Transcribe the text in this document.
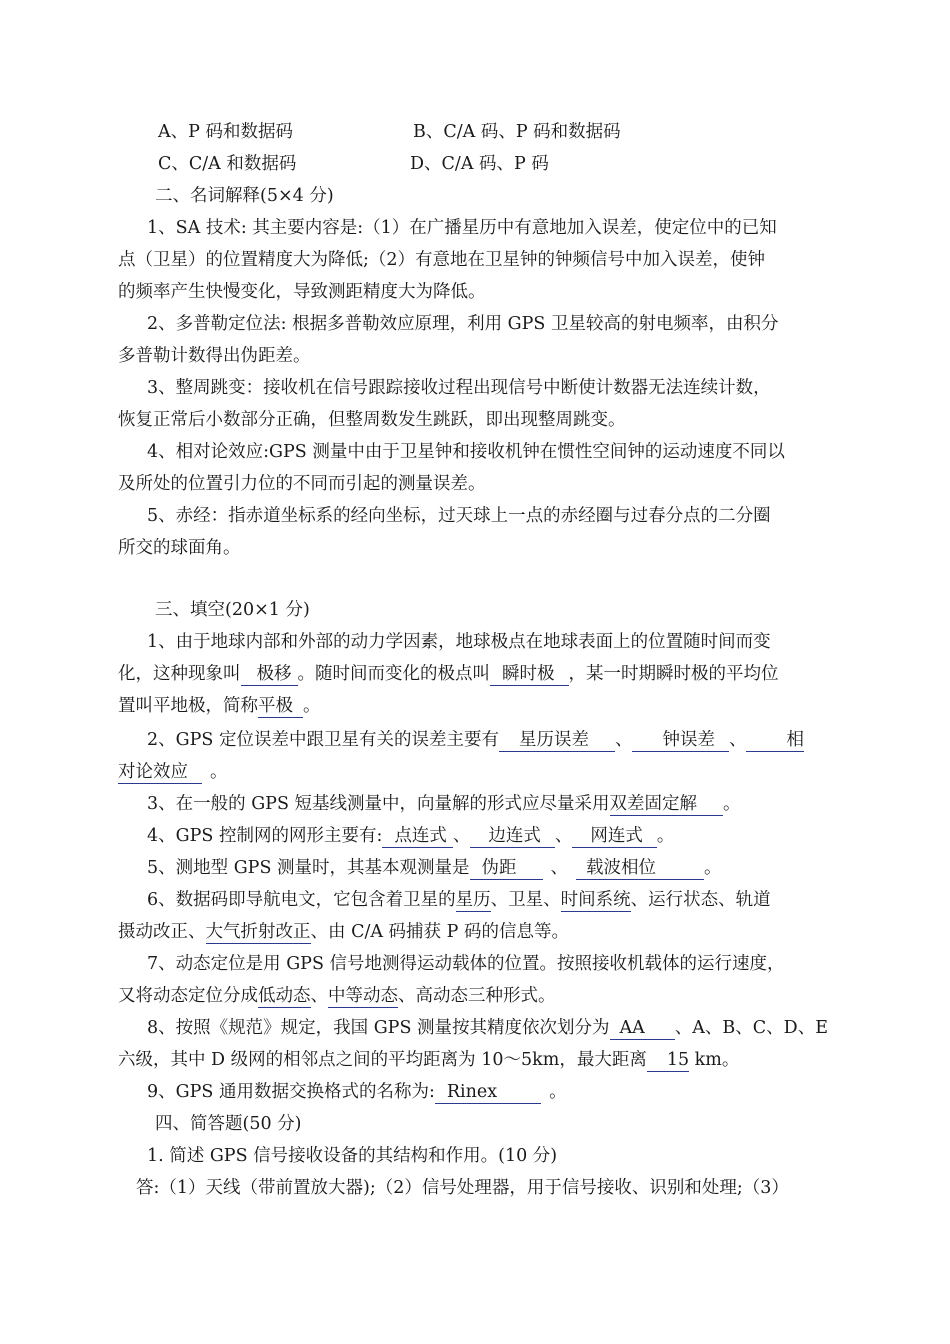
A、P 码和数据码	B、C/A 码、P 码和数据码
C、C/A 和数据码	D、C/A 码、P 码
二、名词解释(5×4 分)
1、SA 技术: 其主要内容是:（1）在广播星历中有意地加入误差，使定位中的已知
点（卫星）的位置精度大为降低;（2）有意地在卫星钟的钟频信号中加入误差，使钟
的频率产生快慢变化，导致测距精度大为降低。
2、多普勒定位法: 根据多普勒效应原理，利用 GPS 卫星较高的射电频率，由积分
多普勒计数得出伪距差。
3、整周跳变：接收机在信号跟踪接收过程出现信号中断使计数器无法连续计数，
恢复正常后小数部分正确，但整周数发生跳跃，即出现整周跳变。
4、相对论效应:GPS 测量中由于卫星钟和接收机钟在惯性空间钟的运动速度不同以
及所处的位置引力位的不同而引起的测量误差。
5、赤经：指赤道坐标系的经向坐标，过天球上一点的赤经圈与过春分点的二分圈
所交的球面角。
三、填空(20×1 分)
1、由于地球内部和外部的动力学因素，地球极点在地球表面上的位置随时间而变
化，这种现象叫 极移 。随时间而变化的极点叫 瞬时极 ，某一时期瞬时极的平均位
置叫平地极，简称平极 。
2、GPS 定位误差中跟卫星有关的误差主要有 星历误差 、 钟误差 、 相
对论效应 。
3、在一般的 GPS 短基线测量中，向量解的形式应尽量采用双差固定解 。
4、GPS 控制网的网形主要有: 点连式 、 边连式 、 网连式 。
5、测地型 GPS 测量时，其基本观测量是 伪距 、 载波相位	。
6、数据码即导航电文，它包含着卫星的星历、卫星、时间系统、运行状态、轨道
摄动改正、大气折射改正、由 C/A 码捕获 P 码的信息等。
7、动态定位是用 GPS 信号地测得运动载体的位置。按照接收机载体的运行速度，
又将动态定位分成低动态、中等动态、高动态三种形式。
8、按照《规范》规定，我国 GPS 测量按其精度依次划分为 AA 、A、B、C、D、E
六级，其中 D 级网的相邻点之间的平均距离为 10～5km，最大距离 15 km。
9、GPS 通用数据交换格式的名称为: Rinex	。
四、简答题(50 分)
1. 简述 GPS 信号接收设备的其结构和作用。(10 分)
答:（1）天线（带前置放大器);（2）信号处理器，用于信号接收、识别和处理;（3）
